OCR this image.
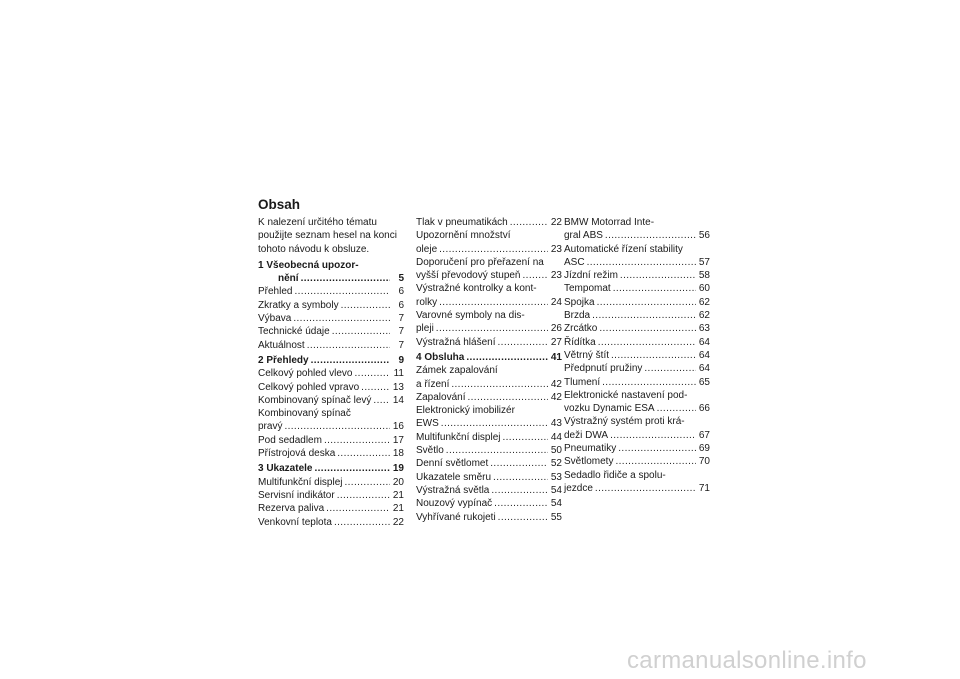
Obsah

K nalezení určitého tématu použijte seznam hesel na konci tohoto návodu k obsluze.

1 Všeobecná upozor-
nění . . .	5
Přehled . . .	6
Zkratky a symboly . . .	6
Výbava . . .	7
Technické údaje . . .	7
Aktuálnost . . .	7
2 Přehledy . . .	9
Celkový pohled vlevo . . .	11
Celkový pohled vpravo . . .	13
Kombinovaný spínač levý . . . 14
Kombinovaný spínač
pravý . . .	16
Pod sedadlem . . .	17
Přístrojová deska . . .	18
3 Ukazatele . . .	19
Multifunkční displej . . .	20
Servisní indikátor . . .	21
Rezerva paliva . . .	21
Venkovní teplota . . .	22
Tlak v pneumatikách . . .	22
Upozornění množství
oleje . . .	23
Doporučení pro přeřazení na
vyšší převodový stupeň . . .	23
Výstražné kontrolky a kont-
rolky . . .	24
Varovné symboly na dis-
pleji . . .	26
Výstražná hlášení . . .	27
4 Obsluha . . .	41
Zámek zapalování
a řízení . . .	42
Zapalování . . .	42
Elektronický imobilizér
EWS . . .	43
Multifunkční displej . . .	44
Světlo . . .	50
Denní světlomet . . .	52
Ukazatele směru . . .	53
Výstražná světla . . .	54
Nouzový vypínač . . .	54
Vyhřívané rukojeti . . .	55
BMW Motorrad Inte-
gral ABS . . .	56
Automatické řízení stability
ASC . . .	57
Jízdní režim . . .	58
Tempomat . . .	60
Spojka . . .	62
Brzda . . .	62
Zrcátko . . .	63
Řídítka . . .	64
Větrný štít . . .	64
Předpnutí pružiny . . .	64
Tlumení . . .	65
Elektronické nastavení pod-
vozku Dynamic ESA . . .	66
Výstražný systém proti krá-
deži DWA . . .	67
Pneumatiky . . .	69
Světlomety . . .	70
Sedadlo řidiče a spolu-
jezdce . . .	71
carmanualsonline.info
